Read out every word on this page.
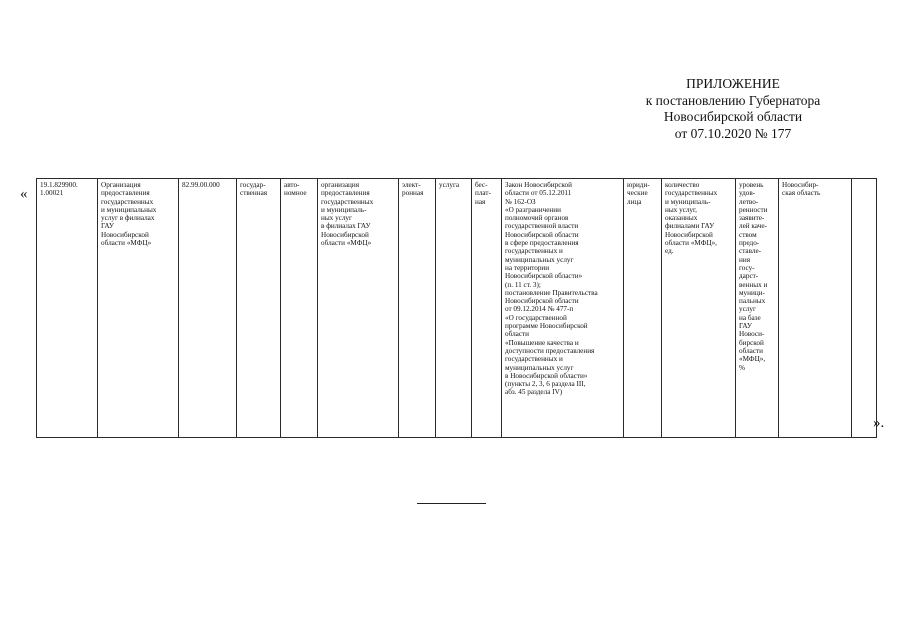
ПРИЛОЖЕНИЕ
к постановлению Губернатора
Новосибирской области
от 07.10.2020 № 177
«
19.1.829900.
1.00021	Организация
предоставления
государственных
и муниципальных
услуг в филиалах
ГАУ
Новосибирской
области «МФЦ»	82.99.00.000	государ-
ственная	авто-
номное	организация
предоставления
государственных
и муниципаль-
ных услуг
в филиалах ГАУ
Новосибирской
области «МФЦ»	элект-
ронная	услуга	бес-
плат-
ная	Закон Новосибирской
области от 05.12.2011
№ 162-ОЗ
«О разграничении
полномочий органов
государственной власти
Новосибирской области
в сфере предоставления
государственных и
муниципальных услуг
на территории
Новосибирской области»
(п. 11 ст. 3);
постановление Правительства
Новосибирской области
от 09.12.2014 № 477-п
«О государственной
программе Новосибирской
области
«Повышение качества и
доступности предоставления
государственных и
муниципальных услуг
в Новосибирской области»
(пункты 2, 3, 6 раздела III,
абз. 45 раздела IV)	юриди-
ческие
лица	количество
государственных
и муниципаль-
ных услуг,
оказанных
филиалами ГАУ
Новосибирской
области «МФЦ»,
ед.	уровень
удов-
летво-
ренности
заявите-
лей каче-
ством
предо-
ставле-
ния
госу-
дарст-
венных и
муници-
пальных
услуг
на базе
ГАУ
Новоси-
бирской
области
«МФЦ»,
%	Новосибир-
ская область	
».
